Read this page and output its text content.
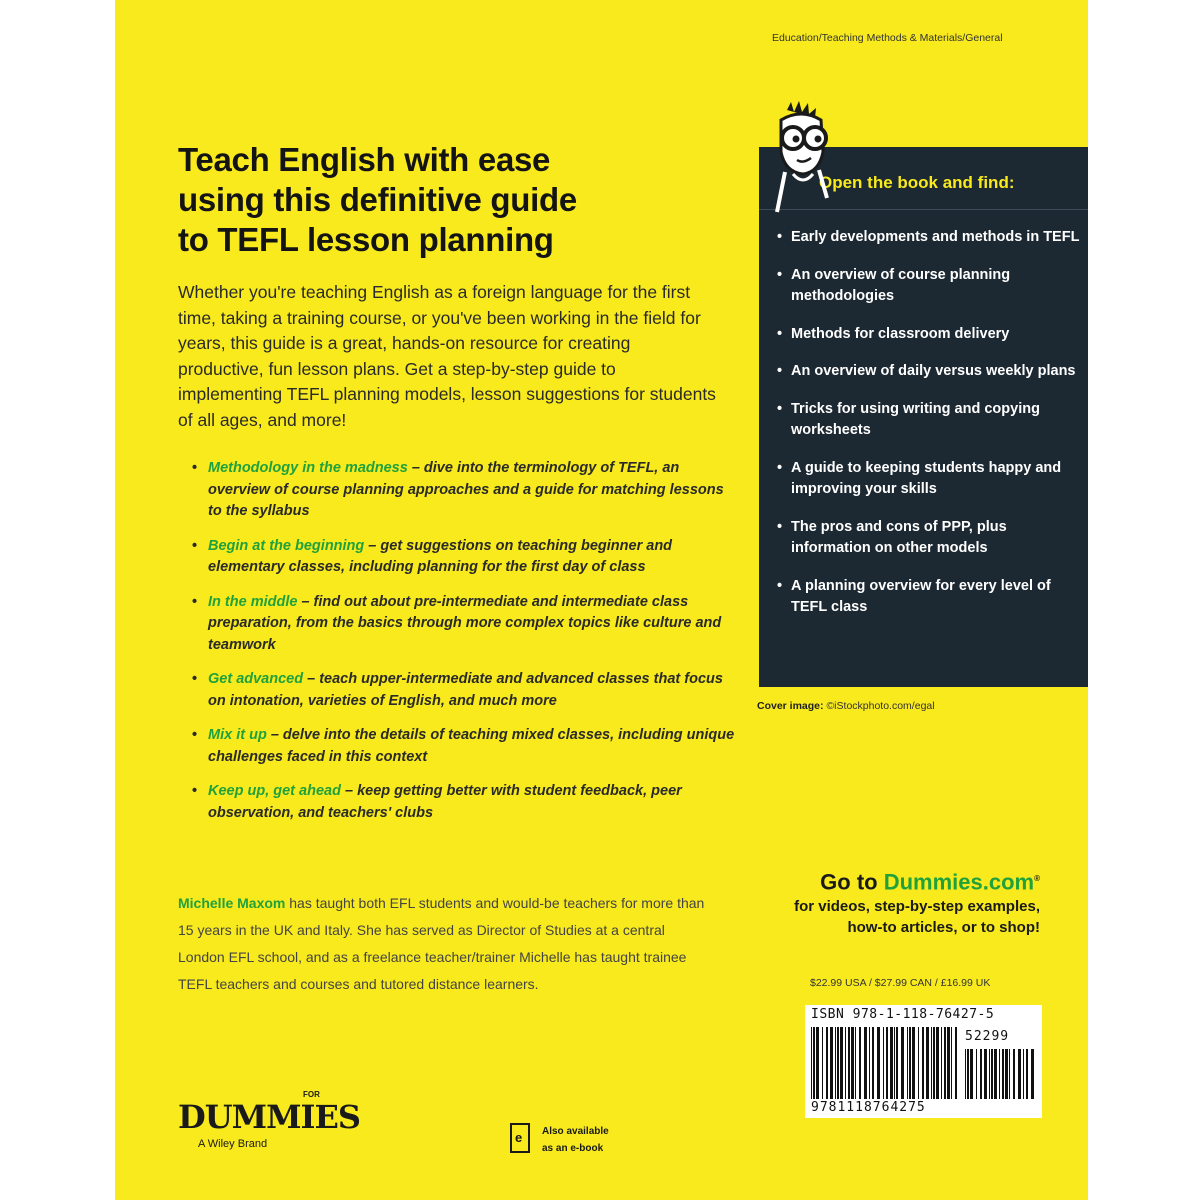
Education/Teaching Methods & Materials/General
Teach English with ease
using this definitive guide
to TEFL lesson planning
Whether you're teaching English as a foreign language for the first time, taking a training course, or you've been working in the field for years, this guide is a great, hands-on resource for creating productive, fun lesson plans. Get a step-by-step guide to implementing TEFL planning models, lesson suggestions for students of all ages, and more!
• Methodology in the madness – dive into the terminology of TEFL, an overview of course planning approaches and a guide for matching lessons to the syllabus
• Begin at the beginning – get suggestions on teaching beginner and elementary classes, including planning for the first day of class
• In the middle – find out about pre-intermediate and intermediate class preparation, from the basics through more complex topics like culture and teamwork
• Get advanced – teach upper-intermediate and advanced classes that focus on intonation, varieties of English, and much more
• Mix it up – delve into the details of teaching mixed classes, including unique challenges faced in this context
• Keep up, get ahead – keep getting better with student feedback, peer observation, and teachers' clubs
Michelle Maxom has taught both EFL students and would-be teachers for more than 15 years in the UK and Italy. She has served as Director of Studies at a central London EFL school, and as a freelance teacher/trainer Michelle has taught trainee TEFL teachers and courses and tutored distance learners.
Open the book and find:
• Early developments and methods in TEFL
• An overview of course planning methodologies
• Methods for classroom delivery
• An overview of daily versus weekly plans
• Tricks for using writing and copying worksheets
• A guide to keeping students happy and improving your skills
• The pros and cons of PPP, plus information on other models
• A planning overview for every level of TEFL class
Cover image: ©iStockphoto.com/egal
Go to Dummies.com®
for videos, step-by-step examples,
how-to articles, or to shop!
$22.99 USA / $27.99 CAN / £16.99 UK
ISBN 978-1-118-76427-5
52299
9781118764275
FOR
DUMMIES
A Wiley Brand	e Also available
as an e-book
